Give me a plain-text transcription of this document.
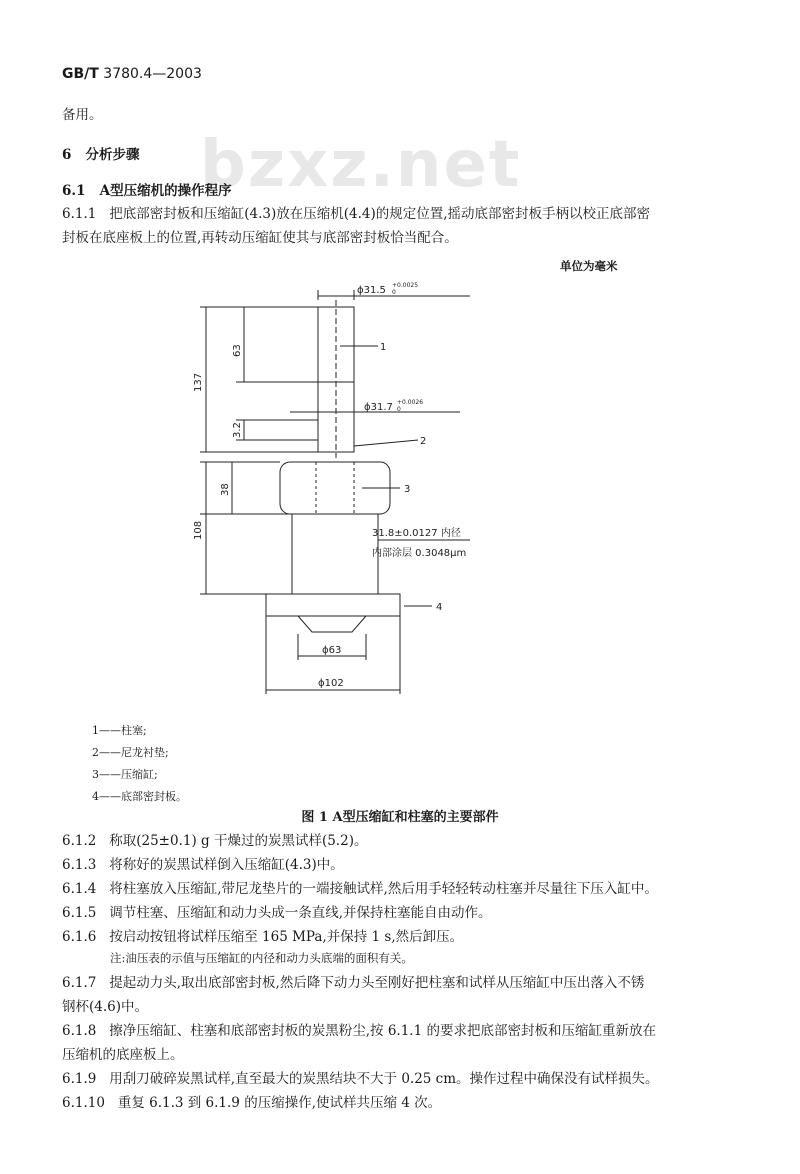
GB/T 3780.4—2003
bzxz.net
备用。
6 分析步骤
6.1 A型压缩机的操作程序
6.1.1 把底部密封板和压缩缸(4.3)放在压缩机(4.4)的规定位置,摇动底部密封板手柄以校正底部密
封板在底座板上的位置,再转动压缩缸使其与底部密封板恰当配合。
单位为毫米
ϕ31.5 +0.0025
0
ϕ31.7 +0.0026
0
137
63
3.2
38
108	31.8±0.0127 内径
内部涂层 0.3048μm
ϕ63
ϕ102
1
2
3
4
1——柱塞;
2——尼龙衬垫;
3——压缩缸;
4——底部密封板。
图 1 A型压缩缸和柱塞的主要部件
6.1.2 称取(25±0.1) g 干燥过的炭黑试样(5.2)。
6.1.3 将称好的炭黑试样倒入压缩缸(4.3)中。
6.1.4 将柱塞放入压缩缸,带尼龙垫片的一端接触试样,然后用手轻轻转动柱塞并尽量往下压入缸中。
6.1.5 调节柱塞、压缩缸和动力头成一条直线,并保持柱塞能自由动作。
6.1.6 按启动按钮将试样压缩至 165 MPa,并保持 1 s,然后卸压。
注:油压表的示值与压缩缸的内径和动力头底端的面积有关。
6.1.7 提起动力头,取出底部密封板,然后降下动力头至刚好把柱塞和试样从压缩缸中压出落入不锈
钢杯(4.6)中。
6.1.8 擦净压缩缸、柱塞和底部密封板的炭黑粉尘,按 6.1.1 的要求把底部密封板和压缩缸重新放在
压缩机的底座板上。
6.1.9 用刮刀破碎炭黑试样,直至最大的炭黑结块不大于 0.25 cm。操作过程中确保没有试样损失。
6.1.10 重复 6.1.3 到 6.1.9 的压缩操作,使试样共压缩 4 次。
